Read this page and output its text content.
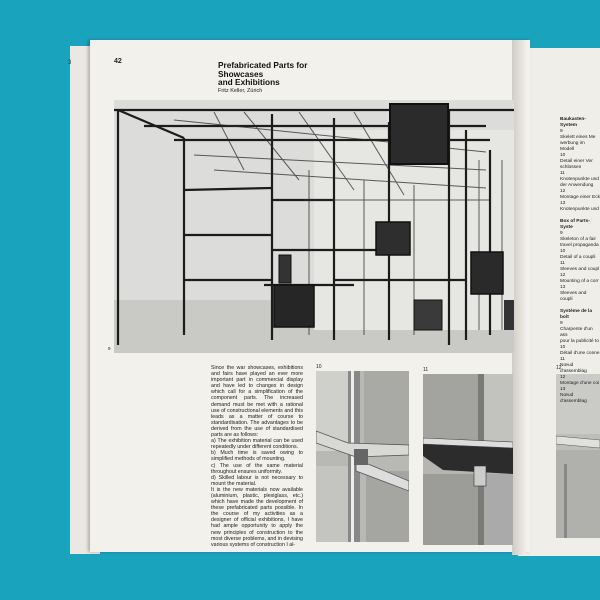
3	42	Prefabricated Parts for
Showcases
and Exhibitions
Fritz Keller, Zürich
9

Since the war showcases, exhibitions and fairs have played an ever more important part in commercial display and have led to changes in design which call for a simplification of the component parts. The increased demand must be met with a rational use of constructional elements and this leads as a matter of course to standardisation. The advantages to be derived from the use of standardised parts are as follows:

a) The exhibition material can be used repeatedly under different conditions.

b) Much time is saved owing to simplified methods of mounting.

c) The use of the same material throughout ensures uniformity.

d) Skilled labour is not necessary to mount the material.

It is the new materials now available (aluminium, plastic, plexiglass, etc.) which have made the development of these prefabricated parts possible. In the course of my activities as a designer of official exhibitions, I have had ample opportunity to apply the new principles of construction to the most diverse problems, and in devising various systems of construction I al-

10	11	12

Baukasten-System

9

Skelett eines Me

werbung im Modell

10

Detail einer Ver

schlüssen

11

Knotenpunkte und

der Anwendung

12

Montage einer Eck

13

Knotenpunkte und

Box of Parts-Syste

9

Skeleton of a fair

travel propaganda

10

Detail of a coupli

11

Sleeves and coupl

12

Mounting of a corr

13

Sleeves and coupli

Système de la boît

9

Charpente d'un ass

pour la publicité to

10

Détail d'une conne

11

Nœud d'assemblag

12

Montage d'une coi

13

Nœud d'assemblag
